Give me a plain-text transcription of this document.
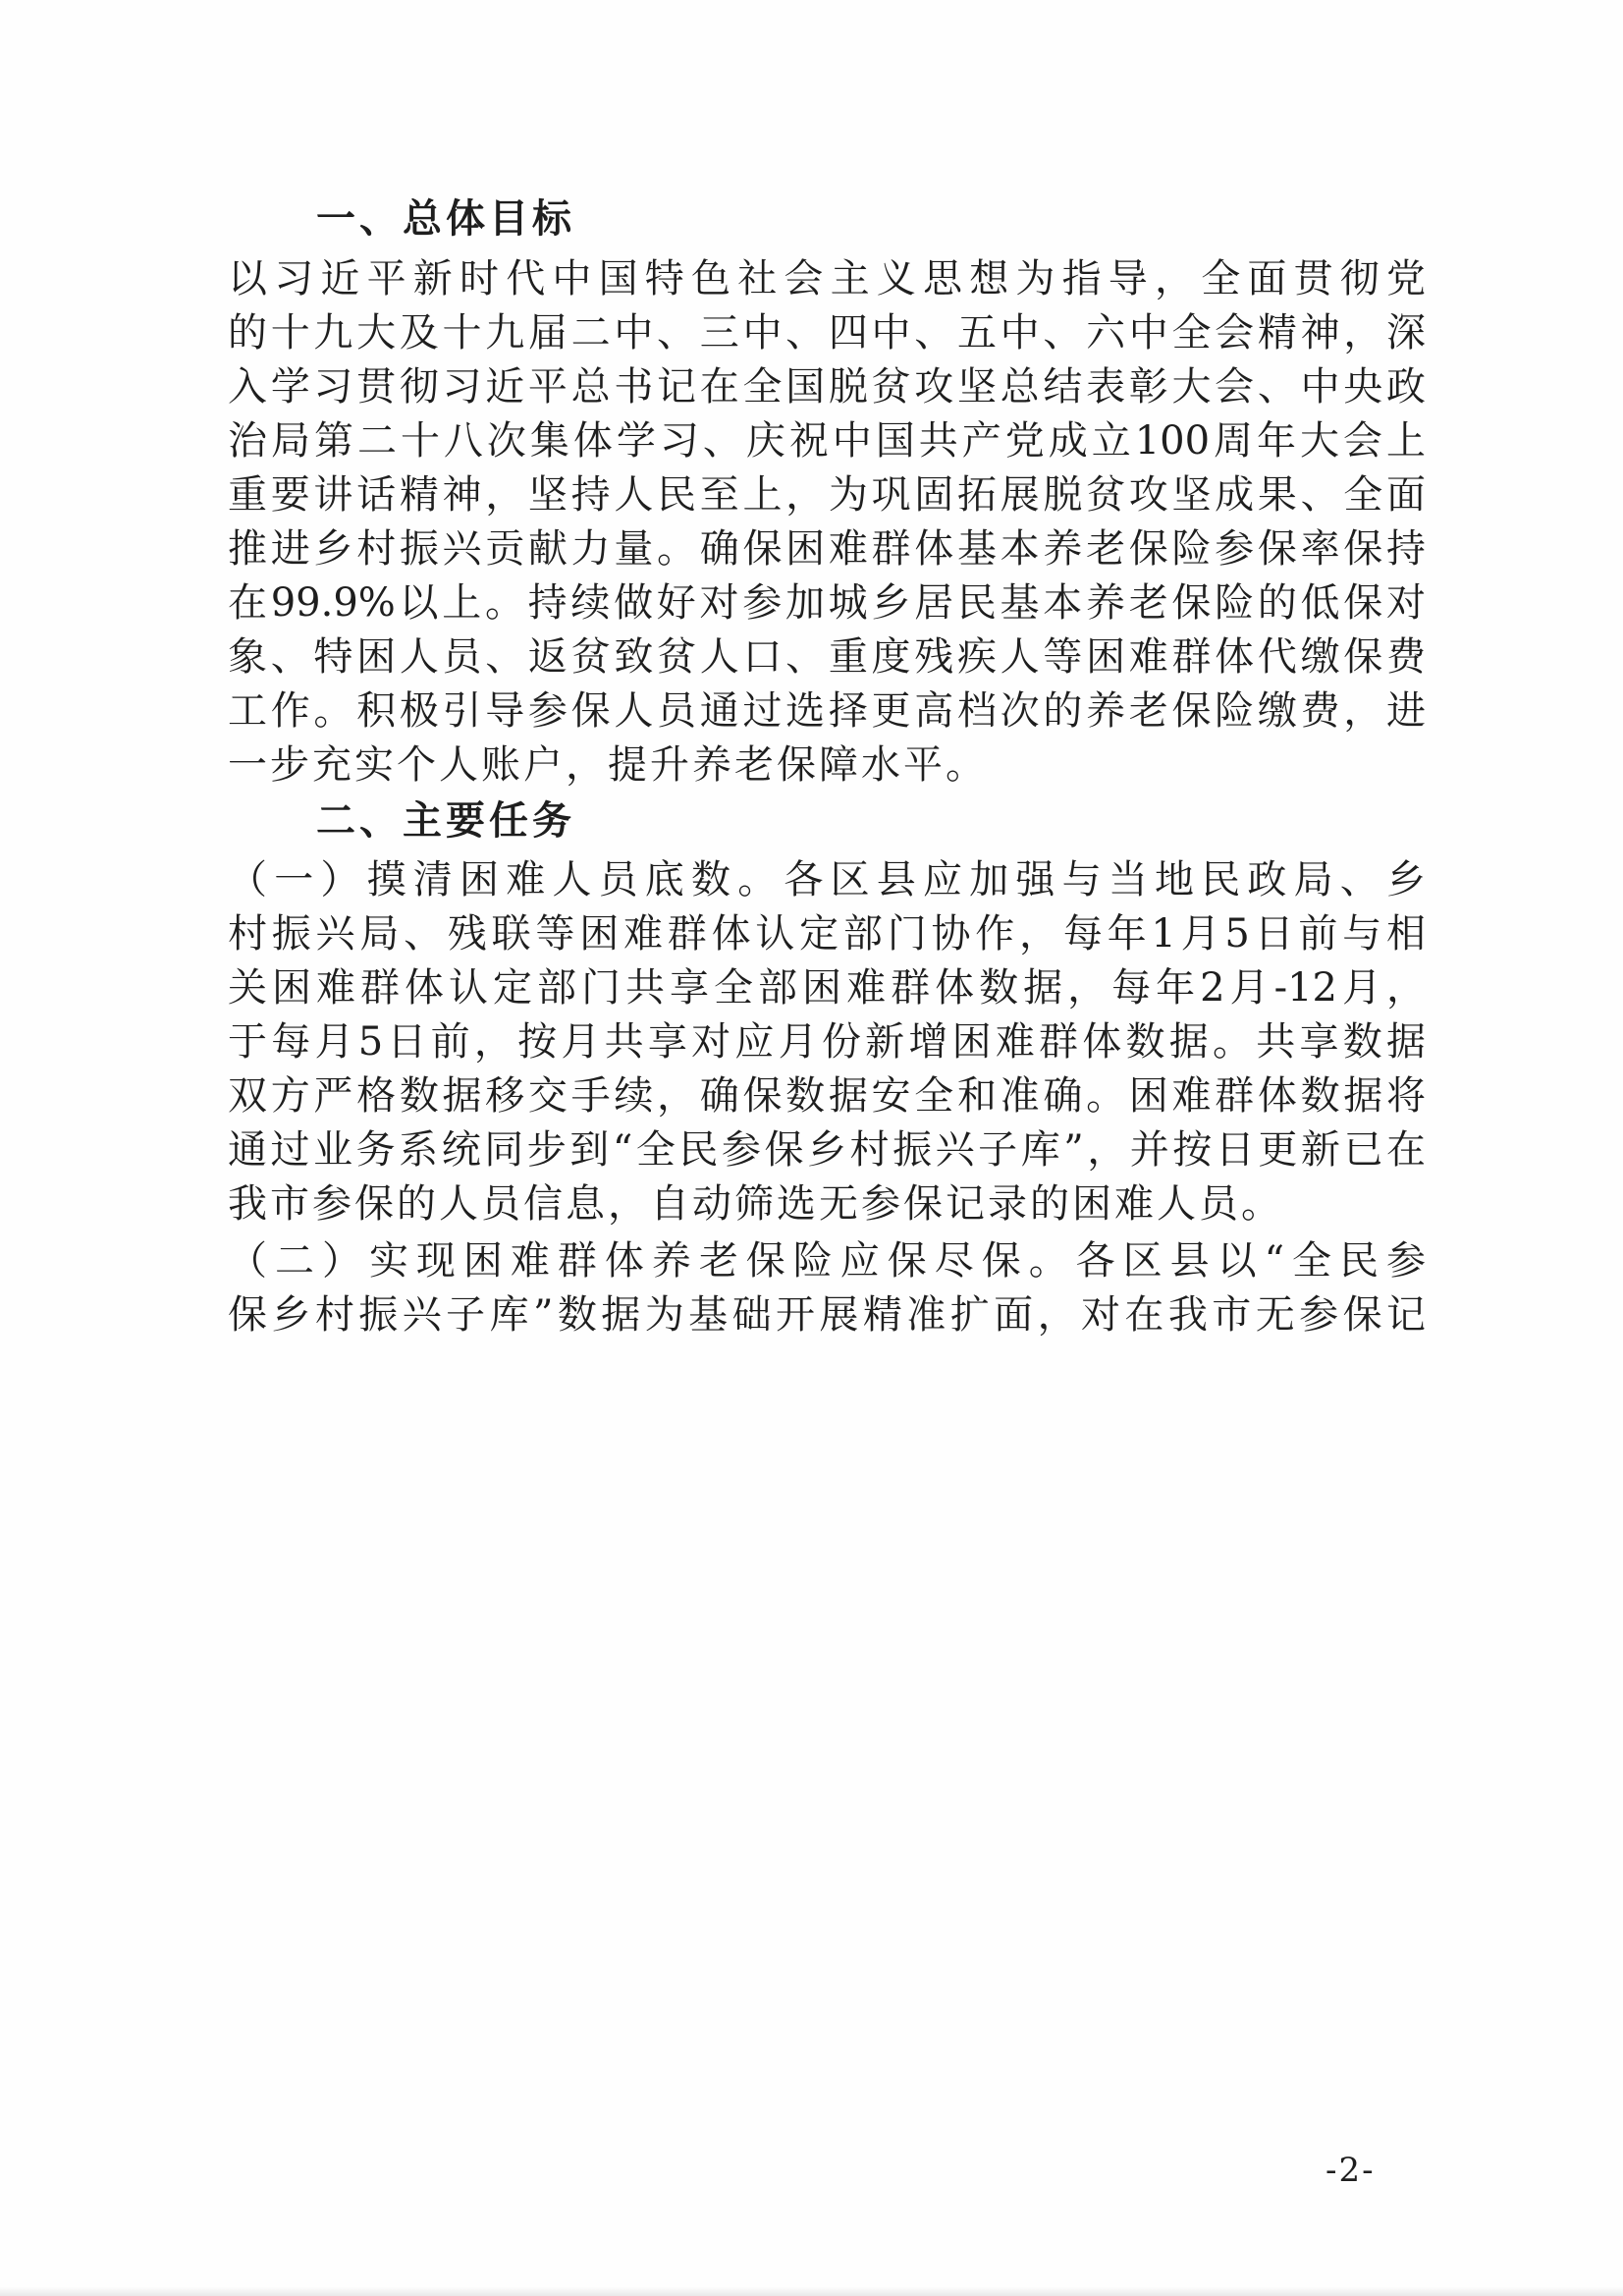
一、总体目标
以习近平新时代中国特色社会主义思想为指导，全面贯彻党
的十九大及十九届二中、三中、四中、五中、六中全会精神，深
入学习贯彻习近平总书记在全国脱贫攻坚总结表彰大会、中央政
治局第二十八次集体学习、庆祝中国共产党成立100周年大会上
重要讲话精神，坚持人民至上，为巩固拓展脱贫攻坚成果、全面
推进乡村振兴贡献力量。确保困难群体基本养老保险参保率保持
在99.9%以上。持续做好对参加城乡居民基本养老保险的低保对
象、特困人员、返贫致贫人口、重度残疾人等困难群体代缴保费
工作。积极引导参保人员通过选择更高档次的养老保险缴费，进
一步充实个人账户，提升养老保障水平。
二、主要任务
（一）摸清困难人员底数。各区县应加强与当地民政局、乡
村振兴局、残联等困难群体认定部门协作，每年1月5日前与相
关困难群体认定部门共享全部困难群体数据，每年2月-12月，
于每月5日前，按月共享对应月份新增困难群体数据。共享数据
双方严格数据移交手续，确保数据安全和准确。困难群体数据将
通过业务系统同步到“全民参保乡村振兴子库”，并按日更新已在
我市参保的人员信息，自动筛选无参保记录的困难人员。
（二）实现困难群体养老保险应保尽保。各区县以“全民参
保乡村振兴子库”数据为基础开展精准扩面，对在我市无参保记
-2-
